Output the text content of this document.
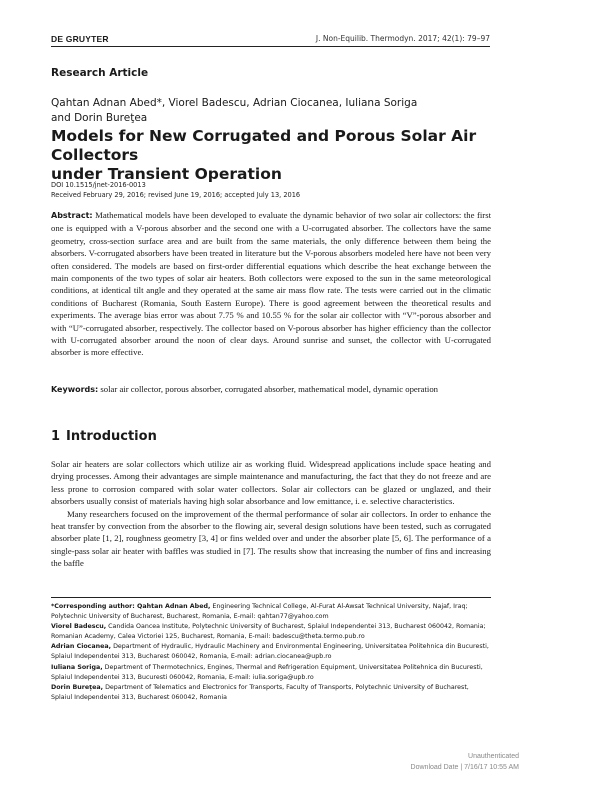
DE GRUYTER	J. Non-Equilib. Thermodyn. 2017; 42(1): 79–97
Research Article
Qahtan Adnan Abed*, Viorel Badescu, Adrian Ciocanea, Iuliana Soriga
and Dorin Bureţea
Models for New Corrugated and Porous Solar Air Collectors
under Transient Operation
DOI 10.1515/jnet-2016-0013
Received February 29, 2016; revised June 19, 2016; accepted July 13, 2016
Abstract: Mathematical models have been developed to evaluate the dynamic behavior of two solar air collectors: the first one is equipped with a V-porous absorber and the second one with a U-corrugated absorber. The collectors have the same geometry, cross-section surface area and are built from the same materials, the only difference between them being the absorbers. V-corrugated absorbers have been treated in literature but the V-porous absorbers modeled here have not been very often considered. The models are based on first-order differential equations which describe the heat exchange between the main components of the two types of solar air heaters. Both collectors were exposed to the sun in the same meteorological conditions, at identical tilt angle and they operated at the same air mass flow rate. The tests were carried out in the climatic conditions of Bucharest (Romania, South Eastern Europe). There is good agreement between the theoretical results and experiments. The average bias error was about 7.75 % and 10.55 % for the solar air collector with “V”-porous absorber and with “U”-corrugated absorber, respectively. The collector based on V-porous absorber has higher efficiency than the collector with U-corrugated absorber around the noon of clear days. Around sunrise and sunset, the collector with U-corrugated absorber is more effective.
Keywords: solar air collector, porous absorber, corrugated absorber, mathematical model, dynamic operation
1 Introduction

Solar air heaters are solar collectors which utilize air as working fluid. Widespread applications include space heating and drying processes. Among their advantages are simple maintenance and manufacturing, the fact that they do not freeze and are less prone to corrosion compared with solar water collectors. Solar air collectors can be glazed or unglazed, and their absorbers usually consist of materials having high solar absorbance and low emittance, i. e. selective characteristics.

Many researchers focused on the improvement of the thermal performance of solar air collectors. In order to enhance the heat transfer by convection from the absorber to the flowing air, several design solutions have been tested, such as corrugated absorber plate [1, 2], roughness geometry [3, 4] or fins welded over and under the absorber plate [5, 6]. The performance of a single-pass solar air heater with baffles was studied in [7]. The results show that increasing the number of fins and increasing the baffle

*Corresponding author: Qahtan Adnan Abed, Engineering Technical College, Al-Furat Al-Awsat Technical University, Najaf, Iraq; Polytechnic University of Bucharest, Bucharest, Romania, E-mail: qahtan77@yahoo.com

Viorel Badescu, Candida Oancea Institute, Polytechnic University of Bucharest, Splaiul Independentei 313, Bucharest 060042, Romania; Romanian Academy, Calea Victoriei 125, Bucharest, Romania, E-mail: badescu@theta.termo.pub.ro

Adrian Ciocanea, Department of Hydraulic, Hydraulic Machinery and Environmental Engineering, Universitatea Politehnica din Bucuresti, Splaiul Independentei 313, Bucharest 060042, Romania, E-mail: adrian.ciocanea@upb.ro

Iuliana Soriga, Department of Thermotechnics, Engines, Thermal and Refrigeration Equipment, Universitatea Politehnica din Bucuresti, Splaiul Independentei 313, Bucuresti 060042, Romania, E-mail: iulia.soriga@upb.ro

Dorin Bureţea, Department of Telematics and Electronics for Transports, Faculty of Transports, Polytechnic University of Bucharest, Splaiul Independentei 313, Bucharest 060042, Romania

Unauthenticated
Download Date | 7/16/17 10:55 AM
